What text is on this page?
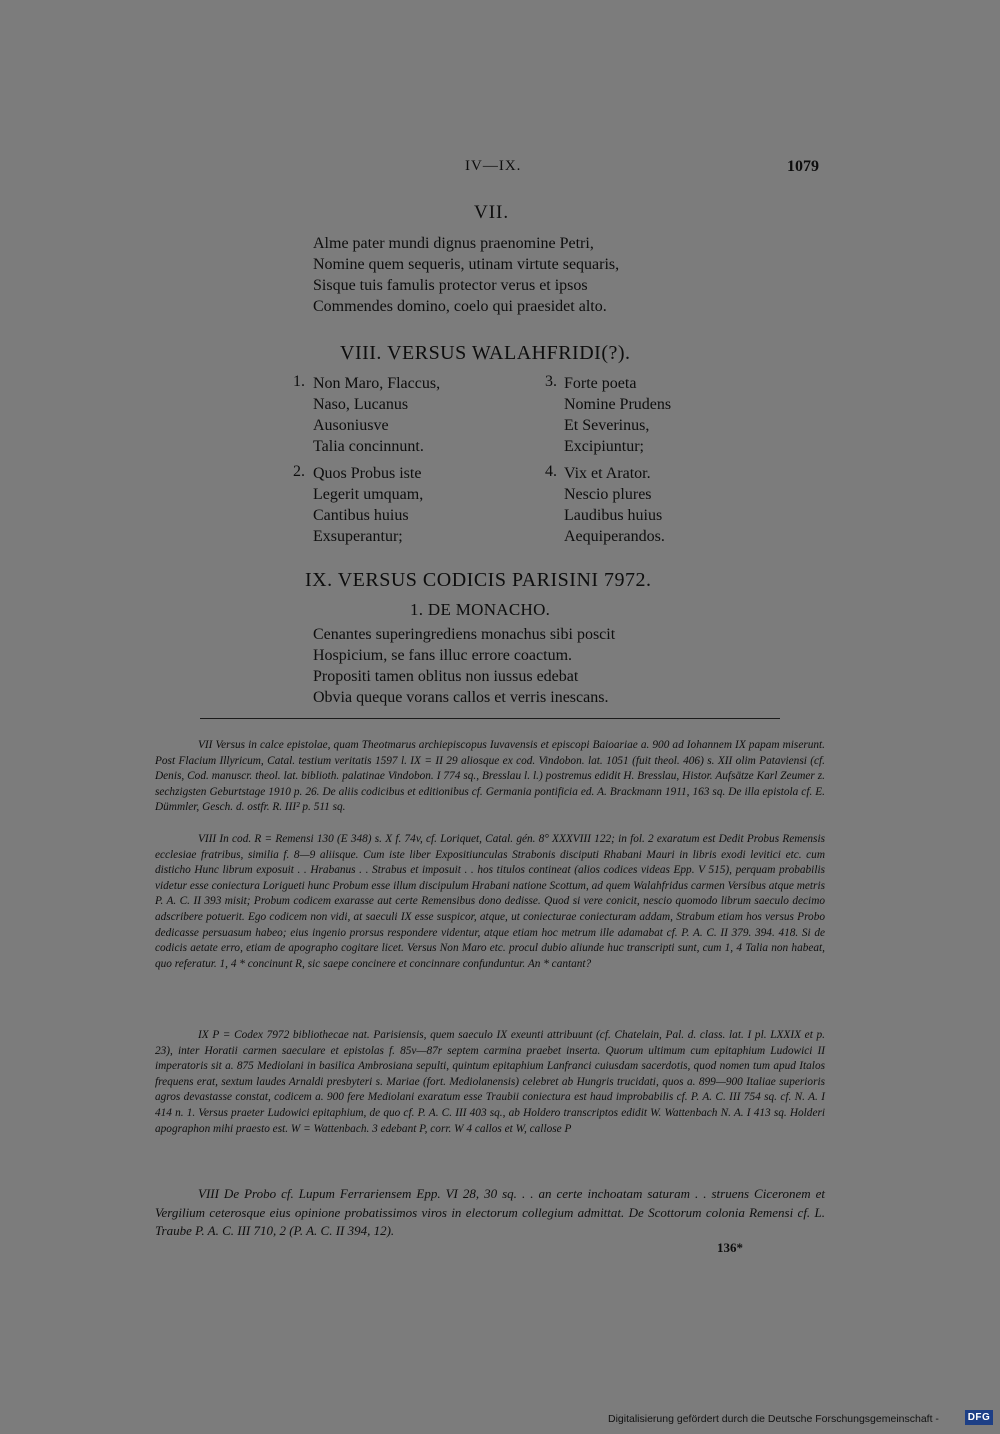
IV—IX.	1079
VII.
Alme pater mundi dignus praenomine Petri,
Nomine quem sequeris, utinam virtute sequaris,
Sisque tuis famulis protector verus et ipsos
Commendes domino, coelo qui praesidet alto.
VIII. VERSUS WALAHFRIDI(?).
1. Non Maro, Flaccus,
Naso, Lucanus
Ausoniusve
Talia concinnunt.
2. Quos Probus iste
Legerit umquam,
Cantibus huius
Exsuperantur;
3. Forte poeta
Nomine Prudens
Et Severinus,
Excipiuntur;
4. Vix et Arator.
Nescio plures
Laudibus huius
Aequiperandos.
IX. VERSUS CODICIS PARISINI 7972.
1. DE MONACHO.
Cenantes superingrediens monachus sibi poscit
Hospicium, se fans illuc errore coactum.
Propositi tamen oblitus non iussus edebat
Obvia queque vorans callos et verris inescans.

VII Versus in calce epistolae, quam Theotmarus archiepiscopus Iuvavensis et episcopi Baioariae a. 900 ad Iohannem IX papam miserunt. Post Flacium Illyricum, Catal. testium veritatis 1597 l. IX = II 29 aliosque ex cod. Vindobon. lat. 1051 (fuit theol. 406) s. XII olim Pataviensi (cf. Denis, Cod. manuscr. theol. lat. biblioth. palatinae Vindobon. I 774 sq., Bresslau l. l.) postremus edidit H. Bresslau, Histor. Aufsätze Karl Zeumer z. sechzigsten Geburtstage 1910 p. 26. De aliis codicibus et editionibus cf. Germania pontificia ed. A. Brackmann 1911, 163 sq. De illa epistola cf. E. Dümmler, Gesch. d. ostfr. R. III² p. 511 sq.

VIII In cod. R = Remensi 130 (E 348) s. X f. 74v, cf. Loriquet, Catal. gén. 8° XXXVIII 122; in fol. 2 exaratum est Dedit Probus Remensis ecclesiae fratribus, similia f. 8—9 aliisque. Cum iste liber Expositiunculas Strabonis disciputi Rhabani Mauri in libris exodi levitici etc. cum disticho Hunc librum exposuit . . Hrabanus . . Strabus et imposuit . . hos titulos contineat (alios codices videas Epp. V 515), perquam probabilis videtur esse coniectura Lorigueti hunc Probum esse illum discipulum Hrabani natione Scottum, ad quem Walahfridus carmen Versibus atque metris P. A. C. II 393 misit; Probum codicem exarasse aut certe Remensibus dono dedisse. Quod si vere conicit, nescio quomodo librum saeculo decimo adscribere potuerit. Ego codicem non vidi, at saeculi IX esse suspicor, atque, ut coniecturae coniecturam addam, Strabum etiam hos versus Probo dedicasse persuasum habeo; eius ingenio prorsus respondere videntur, atque etiam hoc metrum ille adamabat cf. P. A. C. II 379. 394. 418. Si de codicis aetate erro, etiam de apographo cogitare licet. Versus Non Maro etc. procul dubio aliunde huc transcripti sunt, cum 1, 4 Talia non habeat, quo referatur. 1, 4 * concinunt R, sic saepe concinere et concinnare confunduntur. An * cantant?

IX P = Codex 7972 bibliothecae nat. Parisiensis, quem saeculo IX exeunti attribuunt (cf. Chatelain, Pal. d. class. lat. I pl. LXXIX et p. 23), inter Horatii carmen saeculare et epistolas f. 85v—87r septem carmina praebet inserta. Quorum ultimum cum epitaphium Ludowici II imperatoris sit a. 875 Mediolani in basilica Ambrosiana sepulti, quintum epitaphium Lanfranci cuiusdam sacerdotis, quod nomen tum apud Italos frequens erat, sextum laudes Arnaldi presbyteri s. Mariae (fort. Mediolanensis) celebret ab Hungris trucidati, quos a. 899—900 Italiae superioris agros devastasse constat, codicem a. 900 fere Mediolani exaratum esse Traubii coniectura est haud improbabilis cf. P. A. C. III 754 sq. cf. N. A. I 414 n. 1. Versus praeter Ludowici epitaphium, de quo cf. P. A. C. III 403 sq., ab Holdero transcriptos edidit W. Wattenbach N. A. I 413 sq. Holderi apographon mihi praesto est. W = Wattenbach. 3 edebant P, corr. W 4 callos et W, callose P

VIII De Probo cf. Lupum Ferrariensem Epp. VI 28, 30 sq. . . an certe inchoatam saturam . . struens Ciceronem et Vergilium ceterosque eius opinione probatissimos viros in electorum collegium admittat. De Scottorum colonia Remensi cf. L. Traube P. A. C. III 710, 2 (P. A. C. II 394, 12).

136*
Digitalisierung gefördert durch die Deutsche Forschungsgemeinschaft -	DFG
